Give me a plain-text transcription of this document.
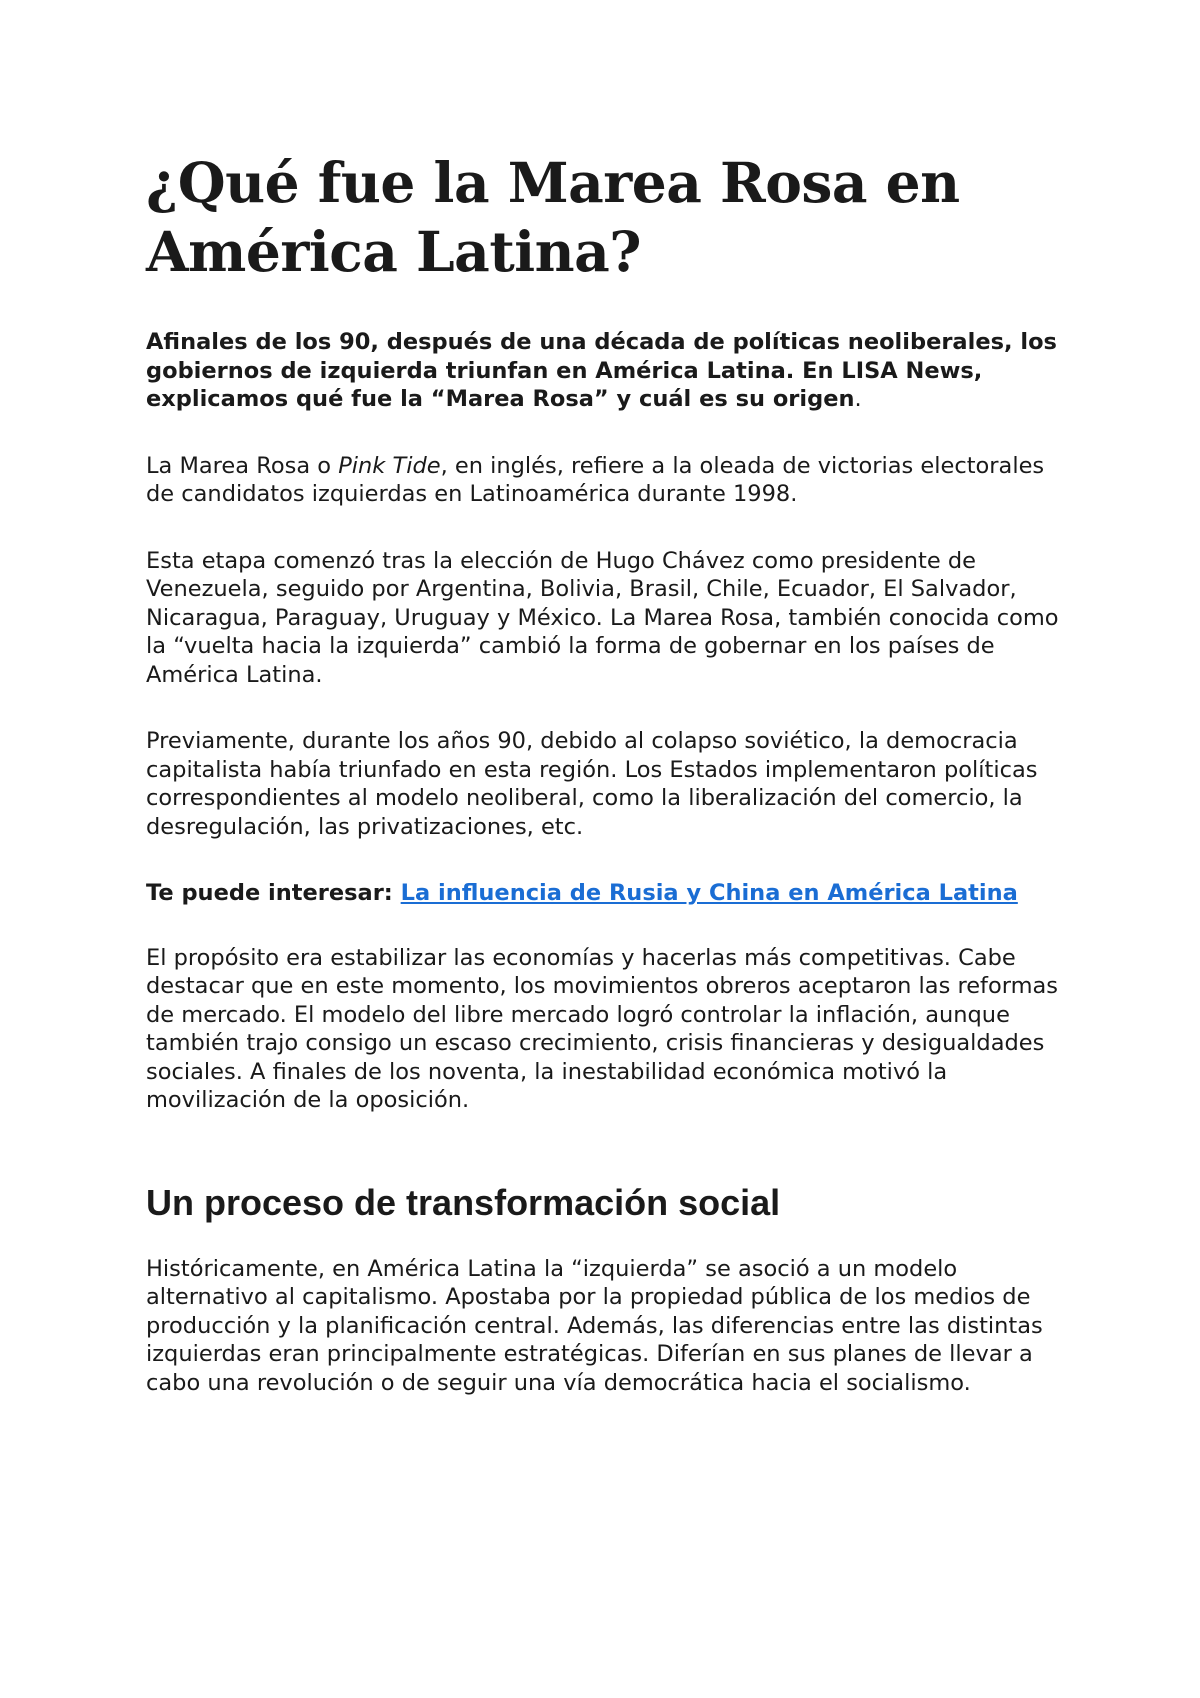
¿Qué fue la Marea Rosa en América Latina?

Afinales de los 90, después de una década de políticas neoliberales, los gobiernos de izquierda triunfan en América Latina. En LISA News, explicamos qué fue la “Marea Rosa” y cuál es su origen.

La Marea Rosa o Pink Tide, en inglés, refiere a la oleada de victorias electorales de candidatos izquierdas en Latinoamérica durante 1998.

Esta etapa comenzó tras la elección de Hugo Chávez como presidente de Venezuela, seguido por Argentina, Bolivia, Brasil, Chile, Ecuador, El Salvador, Nicaragua, Paraguay, Uruguay y México. La Marea Rosa, también conocida como la “vuelta hacia la izquierda” cambió la forma de gobernar en los países de América Latina.

Previamente, durante los años 90, debido al colapso soviético, la democracia capitalista había triunfado en esta región. Los Estados implementaron políticas correspondientes al modelo neoliberal, como la liberalización del comercio, la desregulación, las privatizaciones, etc.

Te puede interesar: La influencia de Rusia y China en América Latina

El propósito era estabilizar las economías y hacerlas más competitivas. Cabe destacar que en este momento, los movimientos obreros aceptaron las reformas de mercado. El modelo del libre mercado logró controlar la inflación, aunque también trajo consigo un escaso crecimiento, crisis financieras y desigualdades sociales. A finales de los noventa, la inestabilidad económica motivó la movilización de la oposición.

Un proceso de transformación social

Históricamente, en América Latina la “izquierda” se asoció a un modelo alternativo al capitalismo. Apostaba por la propiedad pública de los medios de producción y la planificación central. Además, las diferencias entre las distintas izquierdas eran principalmente estratégicas. Diferían en sus planes de llevar a cabo una revolución o de seguir una vía democrática hacia el socialismo.
